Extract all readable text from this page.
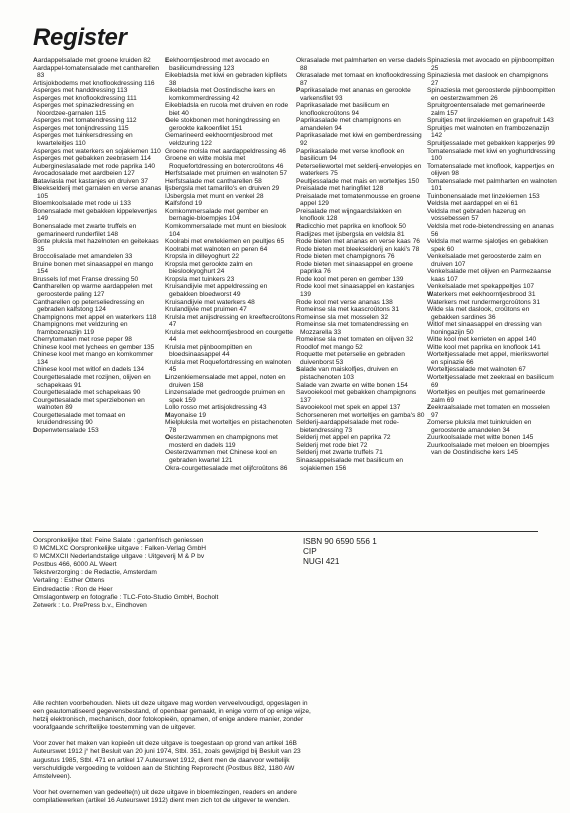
Register

Aardappelsalade met groene kruiden 82

Aardappel-tomatensalade met cantharellen 83

Artisjokbodems met knoflookdressing 116

Asperges met handdressing 113

Asperges met knoflookdressing 111

Asperges met spinaziedressing en Noordzee-garnalen 115

Asperges met tomatendressing 112

Asperges met tonijndressing 115

Asperges met tuinkersdressing en kwarteleitjes 110

Asperges met waterkers en sojakiemen 110

Asperges met gebakken zeebrasem 114

Aubergineslasalade met rode paprika 140

Avocadosalade met aardbeien 127

Bataviasla met kastanjes en druiven 37

Bleekselderij met garnalen en verse ananas 105

Bloemkoolsalade met rode ui 133

Bonensalade met gebakken kippelevertjes 149

Bonensalade met zwarte truffels en gemarineerd runderfilet 148

Bonte pluksla met hazelnoten en geitekaas 35

Broccolisalade met amandelen 33

Bruine bonen met sinaasappel en mango 154

Brussels lof met Franse dressing 50

Cantharellen op warme aardappelen met geroosterde paling 127

Cantharellen op peterseliedressing en gebraden kalfstong 124

Champignons met appel en waterkers 118

Champignons met veldzuring en frambozenazijn 119

Cherrytomaten met rose peper 98

Chinese kool met lychees en gember 135

Chinese kool met mango en komkommer 134

Chinese kool met witlof en dadels 134

Courgettesalade met rozijnen, olijven en schapekaas 91

Courgettesalade met schapekaas 90

Courgettesalade met sperziebonen en walnoten 89

Courgettesalade met tomaat en kruidendressing 90

Dopenwtensalade 153

Eekhoorntjesbrood met avocado en basilicumdressing 123

Eikebladsla met kiwi en gebraden kipfilets 38

Eikebladsla met Oostindische kers en komkommerdressing 42

Eikebladsla en rucola met druiven en rode biet 40

Gele stokbonen met honingdressing en gerookte kalkoenfilet 151

Gemarineerd eekhoorntjesbrood met veldzuring 122

Groene molsla met aardappeldressing 46

Groene en witte molsla met Roquefortdressing en botercroûtons 46

Herfstsalade met pruimen en walnoten 57

Herfstsalade met cantharellen 58

Ijsbergsla met tamarillo's en druiven 29

IJsbergsla met munt en venkel 28

Kalfsfond 19

Komkommersalade met gember en bernagie-bloempjes 104

Komkommersalade met munt en bieslook 104

Koolrabi met erwtekiemen en peultjes 65

Koolrabi met walnoten en peren 64

Kropsla in dilleyoghurt 22

Kropsla met gerookte zalm en bieslookyoghurt 24

Kropsla met tuinkers 23

Kruisandijvie met appeldressing en gebakken bloedworst 49

Kruisandijvie met waterkers 48

Krulandijvie met pruimen 47

Krulsla met anijsdressing en kreeftecroûtons 47

Krulsla met eekhoorntjesbrood en courgette 44

Krulsla met pijnboompitten en bloedsinaasappel 44

Krulsla met Roquefortdressing en walnoten 45

Linzenkiemensalade met appel, noten en druiven 158

Linzensalade met gedroogde pruimen en spek 159

Lollo rosso met artisjokdressing 43

Mayonaise 19

Mielpluksla met worteltjes en pistachenoten 78

Oesterzwammen en champignons met mosterd en dadels 119

Oesterzwammen met Chinese kool en gebraden kwartel 121

Okra-courgettesalade met olijfcroûtons 86

Okrasalade met palmharten en verse dadels 88

Okrasalade met tomaat en knoflookdressing 87

Paprikasalade met ananas en gerookte varkensfilet 93

Paprikasalade met basilicum en knoflookcroûtons 94

Paprikasalade met champignons en amandelen 94

Paprikasalade met kiwi en gemberdressing 92

Paprikasalade met verse knoflook en basilicum 94

Peterseliewortel met selderij-envelopjes en waterkers 75

Peultjessalade met mais en worteltjes 150

Preisalade met haringfilet 128

Preisalade met tomatenmousse en groene appel 129

Preisalade met wijngaardslakken en knoflook 128

Radicchio met paprika en knoflook 50

Radijzes met ijsbergsla en veldsla 81

Rode bieten met ananas en verse kaas 76

Rode bieten met bleekselderij en kaki's 78

Rode bieten met champignons 76

Rode bieten met sinaasappel en groene paprika 76

Rode kool met peren en gember 139

Rode kool met sinaasappel en kastanjes 139

Rode kool met verse ananas 138

Romeinse sla met kaascroûtons 31

Romeinse sla met mosselen 32

Romeinse sla met tomatendressing en Mozzarella 33

Romeinse sla met tomaten en olijven 32

Roodlof met mango 52

Roquette met peterselie en gebraden duivenborst 53

Salade van maiskolfjes, druiven en pistachenoten 103

Salade van zwarte en witte bonen 154

Savooiekool met gebakken champignons 137

Savooiekool met spek en appel 137

Schorseneren met worteltjes en gamba's 80

Selderij-aardappelsalade met rode-bietendressing 73

Selderij met appel en paprika 72

Selderij met rode biet 72

Selderij met zwarte truffels 71

Sinaasappelsalade met basilicum en sojakiemen 156

Spinaziesla met avocado en pijnboompitten 25

Spinaziesla met daslook en champignons 27

Spinaziesla met geroosterde pijnboompitten en oesterzwammen 26

Spruitgroentensalade met gemarineerde zalm 157

Spruitjes met linzekiemen en grapefruit 143

Spruitjes met walnoten en frambozenazijn 142

Spruitjessalade met gebakken kapperjes 99

Tomatensalade met kiwi en yoghurtdressing 100

Tomatensalade met knoflook, kappertjes en olijven 98

Tomatensalade met palmharten en walnoten 101

Tuinbonensalade met linzekiemen 153

Veldsla met aardappel en ei 61

Veldsla met gebraden hazerug en vossebessen 57

Veldsla met rode-bietendressing en ananas 56

Veldsla met warme sjalotjes en gebakken spek 60

Venkelsalade met geroosterde zalm en druiven 107

Venkelsalade met olijven en Parmezaanse kaas 107

Venkelsalade met spekappeltjes 107

Waterkers met eekhoorntjesbrood 31

Waterkers met rundermergcroûtons 31

Wilde sla met daslook, croûtons en gebakken sardines 36

Witlof met sinaasappel en dressing van honingazijn 50

Witte kool met kerrieten en appel 140

Witte kool met paprika en knoflook 141

Worteltjessalade met appel, mierikswortel en spinazie 66

Worteltjessalade met walnoten 67

Worteltjessalade met zeekraal en basilicum 69

Worteltjes en peultjes met gemarineerde zalm 69

Zeekraalsalade met tomaten en mosselen 97

Zomerse pluksla met tuinkruiden en geroosterde amandelen 34

Zuurkoolsalade met witte bonen 145

Zuurkoolsalade met meloen en bloempjes van de Oostindische kers 145

Oorspronkelijke titel: Feine Salate : gartenfrisch geniessen

© MCMLXC Oorspronkelijke uitgave : Falken-Verlag GmbH

© MCMXCII Nederlandstalige uitgave : Uitgeverij M & P bv

Postbus 466, 6000 AL Weert

Tekstverzorging : de Redactie, Amsterdam

Vertaling : Esther Ottens

Eindredactie : Ron de Heer

Omslagontwerp en fotografie : TLC-Foto-Studio GmbH, Bocholt

Zetwerk : t.o. PrePress b.v., Eindhoven

ISBN 90 6590 556 1

CIP

NUGI 421

Alle rechten voorbehouden. Niets uit deze uitgave mag worden verveelvoudigd, opgeslagen in een geautomatiseerd gegevensbestand, of openbaar gemaakt, in enige vorm of op enige wijze, hetzij elektronisch, mechanisch, door fotokopieën, opnamen, of enige andere manier, zonder voorafgaande schriftelijke toestemming van de uitgever.

Voor zover het maken van kopieën uit deze uitgave is toegestaan op grond van artikel 16B Auteurswet 1912 j° het Besluit van 20 juni 1974, Stbl. 351, zoals gewijzigd bij Besluit van 23 augustus 1985, Stbl. 471 en artikel 17 Auteurswet 1912, dient men de daarvoor wettelijk verschuldigde vergoeding te voldoen aan de Stichting Reprorecht (Postbus 882, 1180 AW Amstelveen).

Voor het overnemen van gedeelte(n) uit deze uitgave in bloemlezingen, readers en andere compilatiewerken (artikel 16 Auteurswet 1912) dient men zich tot de uitgever te wenden.
